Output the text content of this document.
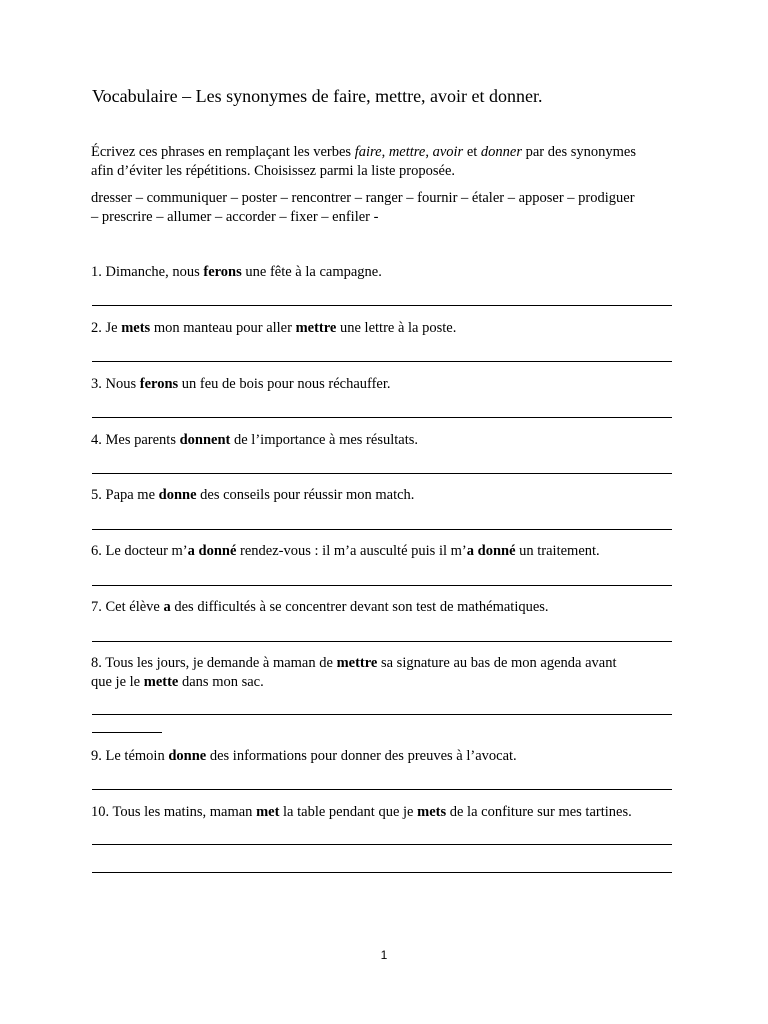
Vocabulaire – Les synonymes de faire, mettre, avoir et donner.
Écrivez ces phrases en remplaçant les verbes faire, mettre, avoir et donner par des synonymes
afin d’éviter les répétitions. Choisissez parmi la liste proposée.
dresser – communiquer – poster – rencontrer – ranger – fournir – étaler – apposer – prodiguer
– prescrire – allumer – accorder – fixer – enfiler -
1. Dimanche, nous ferons une fête à la campagne.
2. Je mets mon manteau pour aller mettre une lettre à la poste.
3. Nous ferons un feu de bois pour nous réchauffer.
4. Mes parents donnent de l’importance à mes résultats.
5. Papa me donne des conseils pour réussir mon match.
6. Le docteur m’a donné rendez-vous : il m’a ausculté puis il m’a donné un traitement.
7. Cet élève a des difficultés à se concentrer devant son test de mathématiques.
8. Tous les jours, je demande à maman de mettre sa signature au bas de mon agenda avant
que je le mette dans mon sac.
9. Le témoin donne des informations pour donner des preuves à l’avocat.
10. Tous les matins, maman met la table pendant que je mets de la confiture sur mes tartines.
1
